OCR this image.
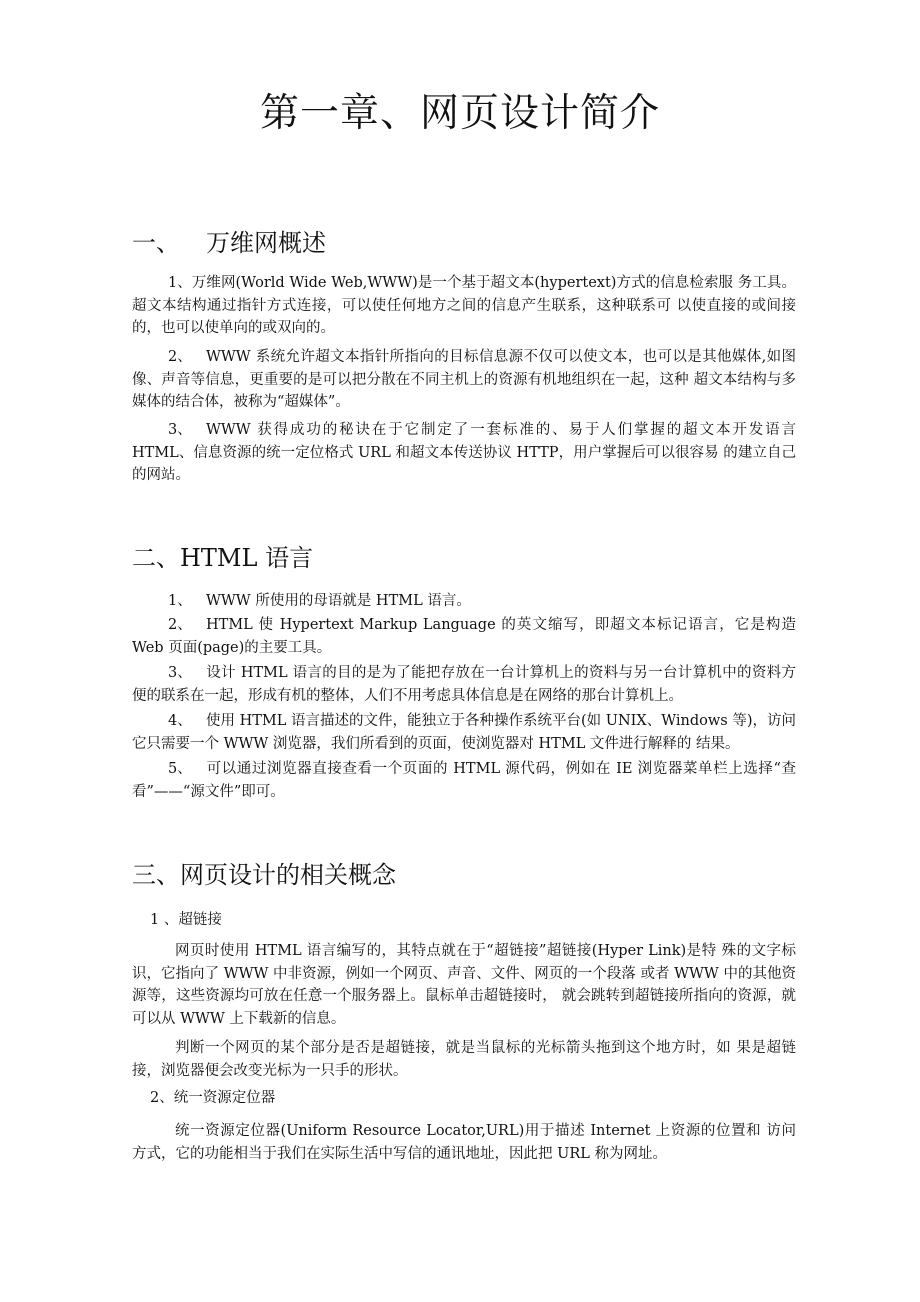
第一章、网页设计简介
一、 万维网概述

1、万维网(World Wide Web,WWW)是一个基于超文本(hypertext)方式的信息检索服 务工具。超文本结构通过指针方式连接，可以使任何地方之间的信息产生联系，这种联系可 以使直接的或间接的，也可以使单向的或双向的。

2、 WWW 系统允许超文本指针所指向的目标信息源不仅可以使文本，也可以是其他媒体,如图像、声音等信息，更重要的是可以把分散在不同主机上的资源有机地组织在一起，这种 超文本结构与多媒体的结合体，被称为“超媒体”。

3、 WWW 获得成功的秘诀在于它制定了一套标准的、易于人们掌握的超文本开发语言 HTML、信息资源的统一定位格式 URL 和超文本传送协议 HTTP，用户掌握后可以很容易 的建立自己的网站。

二、HTML 语言

1、 WWW 所使用的母语就是 HTML 语言。

2、 HTML 使 Hypertext Markup Language 的英文缩写，即超文本标记语言，它是构造 Web 页面(page)的主要工具。

3、 设计 HTML 语言的目的是为了能把存放在一台计算机上的资料与另一台计算机中的资料方便的联系在一起，形成有机的整体，人们不用考虑具体信息是在网络的那台计算机上。

4、 使用 HTML 语言描述的文件，能独立于各种操作系统平台(如 UNIX、Windows 等)，访问它只需要一个 WWW 浏览器，我们所看到的页面，使浏览器对 HTML 文件进行解释的 结果。

5、 可以通过浏览器直接查看一个页面的 HTML 源代码，例如在 IE 浏览器菜单栏上选择“查看”——“源文件”即可。

三、网页设计的相关概念

1 、超链接

网页时使用 HTML 语言编写的，其特点就在于“超链接”超链接(Hyper Link)是特 殊的文字标识，它指向了 WWW 中非资源，例如一个网页、声音、文件、网页的一个段落 或者 WWW 中的其他资源等，这些资源均可放在任意一个服务器上。鼠标单击超链接时， 就会跳转到超链接所指向的资源，就可以从 WWW 上下载新的信息。

判断一个网页的某个部分是否是超链接，就是当鼠标的光标箭头拖到这个地方时，如 果是超链接，浏览器便会改变光标为一只手的形状。

2、统一资源定位器

统一资源定位器(Uniform Resource Locator,URL)用于描述 Internet 上资源的位置和 访问方式，它的功能相当于我们在实际生活中写信的通讯地址，因此把 URL 称为网址。
